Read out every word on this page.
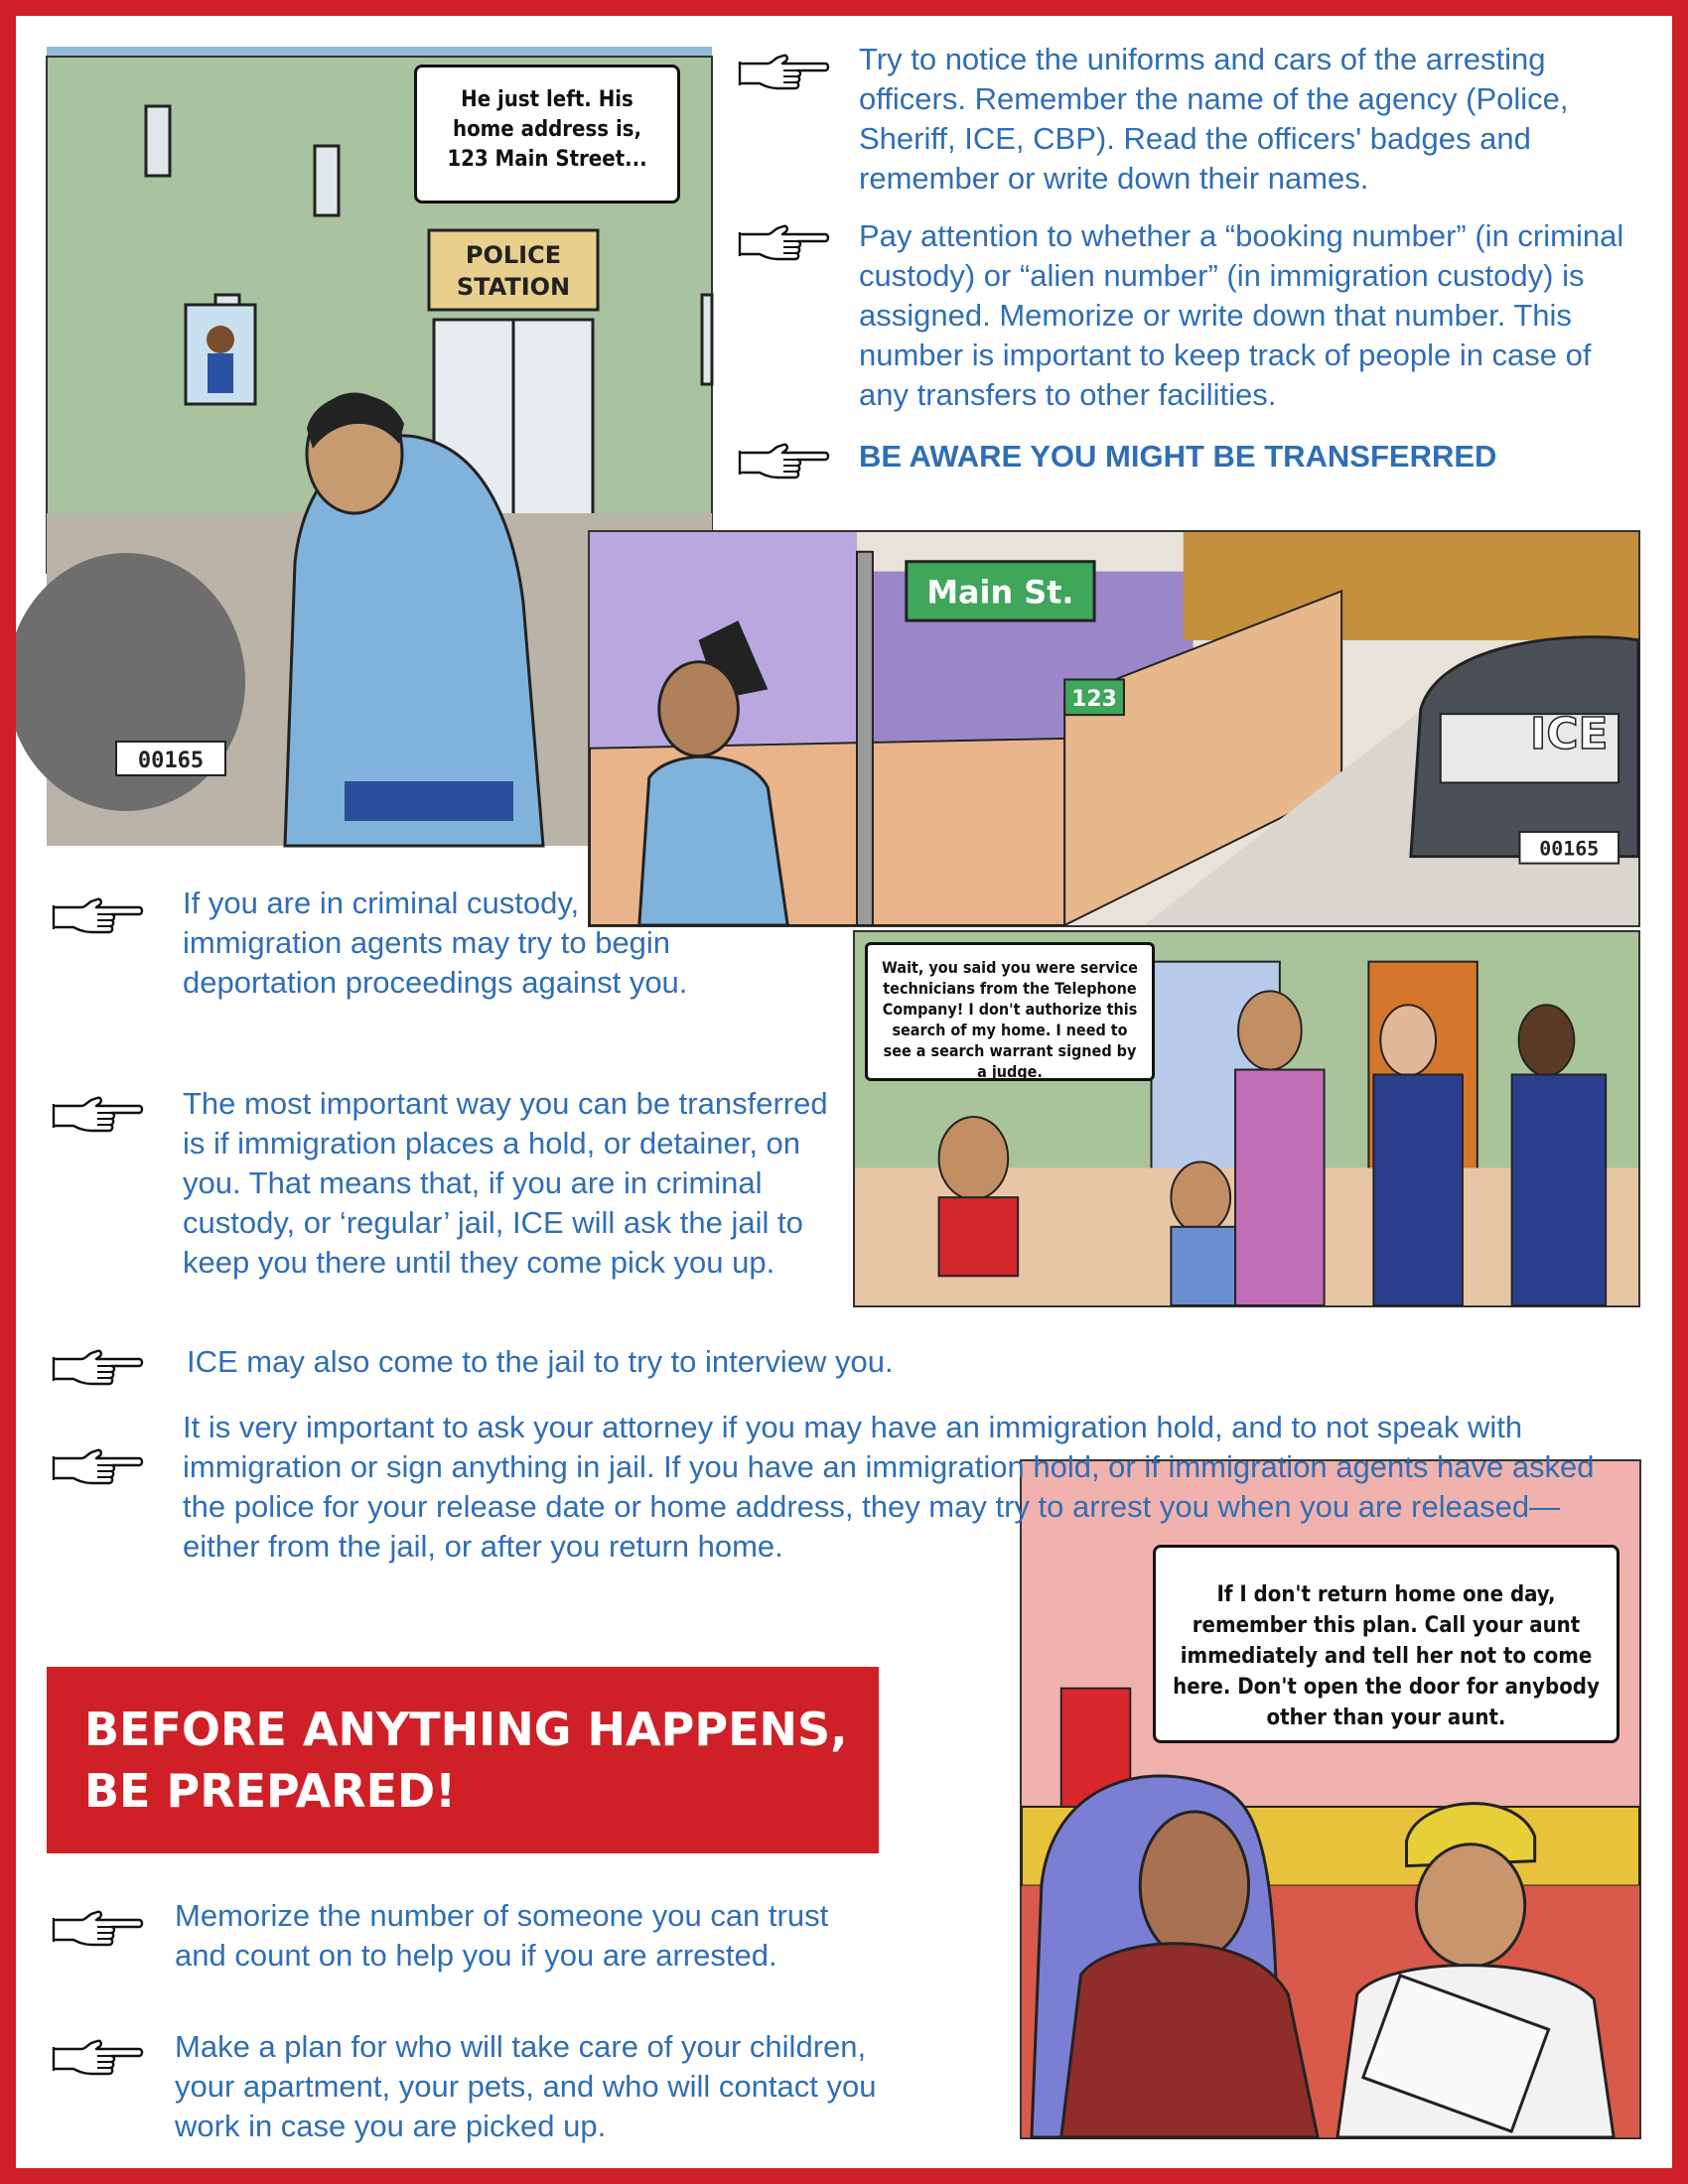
POLICE
STATION
00165
He just left. His home address is, 123 Main Street...
Main St.
123
ICE
00165
Wait, you said you were service technicians from the Telephone Company! I don't authorize this search of my home. I need to see a search warrant signed by a judge.
If I don't return home one day, remember this plan. Call your aunt immediately and tell her not to come here. Don't open the door for anybody other than your aunt.
Try to notice the uniforms and cars of the arresting officers. Remember the name of the agency (Police, Sheriff, ICE, CBP). Read the officers' badges and remember or write down their names.
Pay attention to whether a “booking number” (in criminal custody) or “alien number” (in immigration custody) is assigned. Memorize or write down that number. This number is important to keep track of people in case of any transfers to other facilities.
BE AWARE YOU MIGHT BE TRANSFERRED
If you are in criminal custody, immigration agents may try to begin deportation proceedings against you.
The most important way you can be transferred is if immigration places a hold, or detainer, on you. That means that, if you are in criminal custody, or ‘regular’ jail, ICE will ask the jail to keep you there until they come pick you up.
ICE may also come to the jail to try to interview you.
It is very important to ask your attorney if you may have an immigration hold, and to not speak with immigration or sign anything in jail. If you have an immigration hold, or if immigration agents have asked the police for your release date or home address, they may try to arrest you when you are released—either from the jail, or after you return home.
BEFORE ANYTHING HAPPENS,
BE PREPARED!
Memorize the number of someone you can trust and count on to help you if you are arrested.
Make a plan for who will take care of your children, your apartment, your pets, and who will contact you work in case you are picked up.
